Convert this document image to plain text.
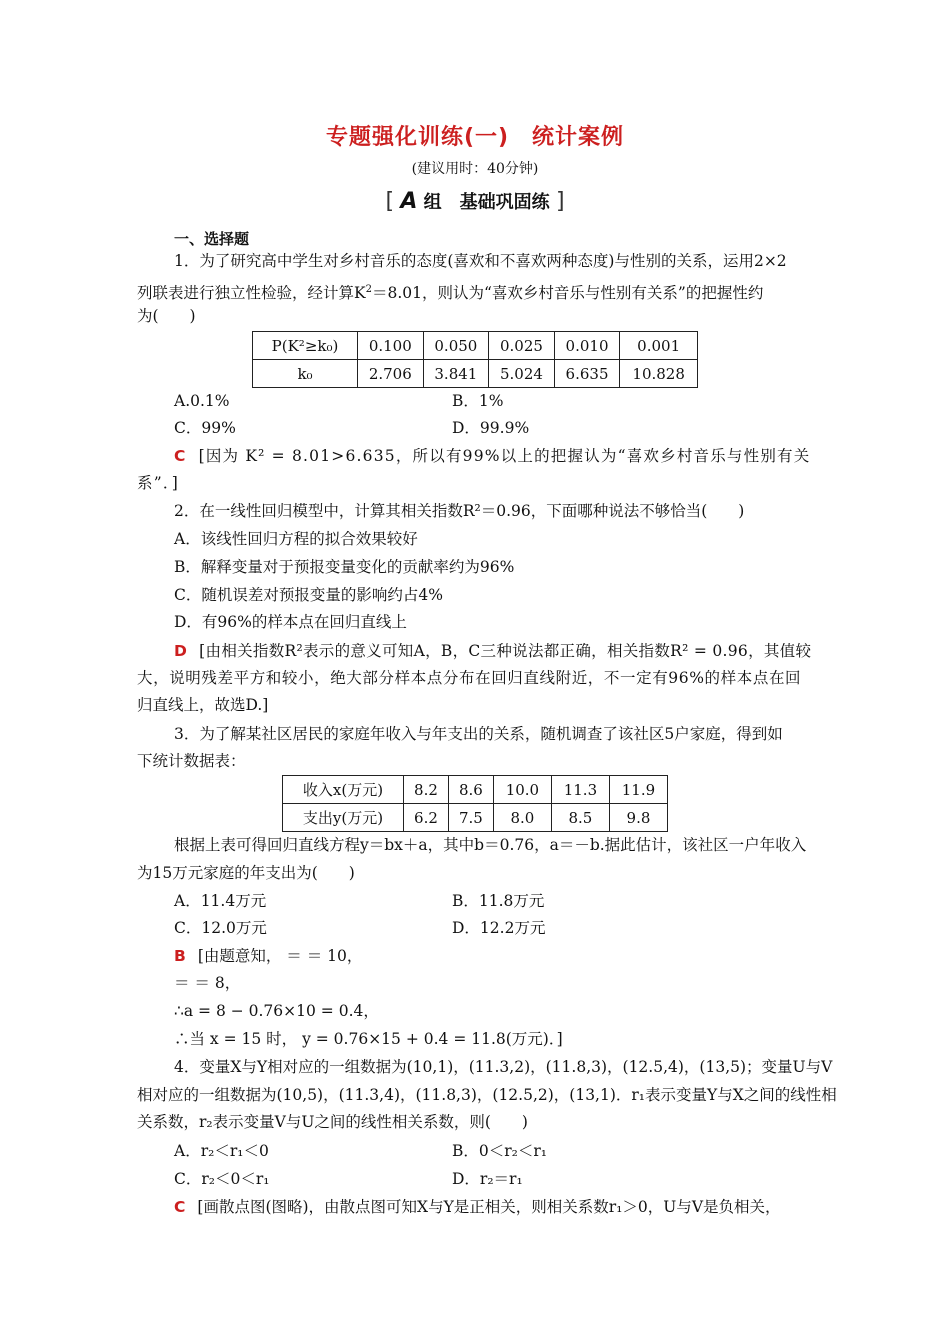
专题强化训练(一)　统计案例
(建议用时：40分钟)
[ A 组　基础巩固练 ]
一、选择题
1．为了研究高中学生对乡村音乐的态度(喜欢和不喜欢两种态度)与性别的关系，运用2×2
列联表进行独立性检验，经计算$K^2=8.01$，则认为“喜欢乡村音乐与性别有关系”的把握性约
为(　　)
P(K²≥k₀)	0.100	0.050	0.025	0.010	0.001
k₀	2.706	3.841	5.024	6.635	10.828
A.0.1%	B．1%
C．99%	D．99.9%
C [因为 K² = 8.01>6.635，所以有99%以上的把握认为“喜欢乡村音乐与性别有关
系”．]
2．在一线性回归模型中，计算其相关指数R²＝0.96，下面哪种说法不够恰当(　　)
A．该线性回归方程的拟合效果较好
B．解释变量对于预报变量变化的贡献率约为96%
C．随机误差对预报变量的影响约占4%
D．有96%的样本点在回归直线上
D [由相关指数R²表示的意义可知A，B，C三种说法都正确，相关指数R² = 0.96，其值较
大，说明残差平方和较小，绝大部分样本点分布在回归直线附近，不一定有96%的样本点在回
归直线上，故选D.]
3．为了解某社区居民的家庭年收入与年支出的关系，随机调查了该社区5户家庭，得到如
下统计数据表：
收入x(万元)	8.2	8.6	10.0	11.3	11.9
支出y(万元)	6.2	7.5	8.0	8.5	9.8
根据上表可得回归直线方程y＝bx＋a，其中b＝0.76，a＝－b.据此估计，该社区一户年收入
为15万元家庭的年支出为(　　)
A．11.4万元	B．11.8万元
C．12.0万元	D．12.2万元
B [由题意知， ＝ ＝ 10，
＝ ＝ 8，
∴a = 8 − 0.76×10 = 0.4，
∴当 x = 15 时， y = 0.76×15 + 0.4 = 11.8(万元)．]
4．变量X与Y相对应的一组数据为(10,1)，(11.3,2)，(11.8,3)，(12.5,4)，(13,5)；变量U与V
相对应的一组数据为(10,5)，(11.3,4)，(11.8,3)，(12.5,2)，(13,1)．r₁表示变量Y与X之间的线性相
关系数，r₂表示变量V与U之间的线性相关系数，则(　　)
A．r₂＜r₁＜0	B．0＜r₂＜r₁
C．r₂＜0＜r₁	D．r₂＝r₁
C [画散点图(图略)，由散点图可知X与Y是正相关，则相关系数r₁＞0，U与V是负相关，
